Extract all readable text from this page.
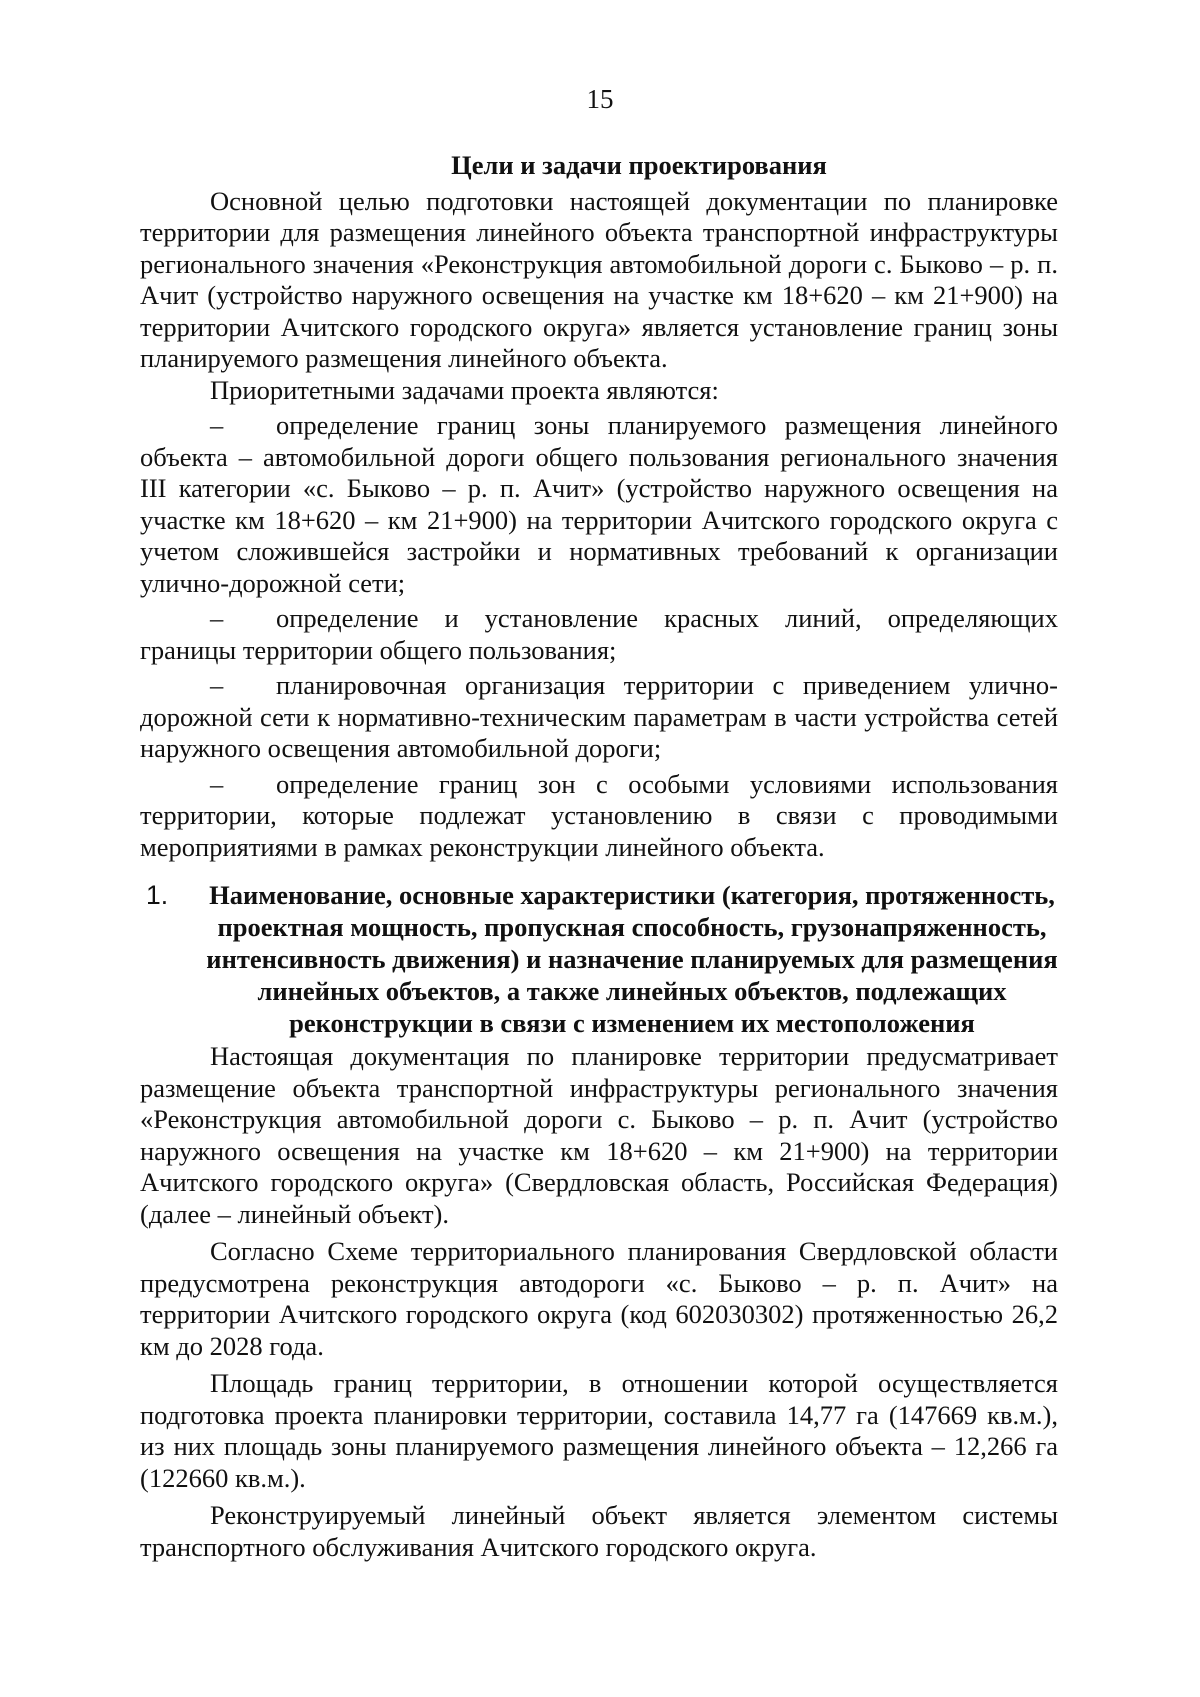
15
Цели и задачи проектирования

Основной целью подготовки настоящей документации по планировке территории для размещения линейного объекта транспортной инфраструктуры регионального значения «Реконструкция автомобильной дороги с. Быково – р. п. Ачит (устройство наружного освещения на участке км 18+620 – км 21+900) на территории Ачитского городского округа» является установление границ зоны планируемого размещения линейного объекта.

Приоритетными задачами проекта являются:

– определение границ зоны планируемого размещения линейного объекта – автомобильной дороги общего пользования регионального значения III категории «с. Быково – р. п. Ачит» (устройство наружного освещения на участке км 18+620 – км 21+900) на территории Ачитского городского округа с учетом сложившейся застройки и нормативных требований к организации улично-дорожной сети;
– определение и установление красных линий, определяющих границы территории общего пользования;
– планировочная организация территории с приведением улично-дорожной сети к нормативно-техническим параметрам в части устройства сетей наружного освещения автомобильной дороги;
– определение границ зон с особыми условиями использования территории, которые подлежат установлению в связи с проводимыми мероприятиями в рамках реконструкции линейного объекта.
1.	Наименование, основные характеристики (категория, протяженность, проектная мощность, пропускная способность, грузонапряженность, интенсивность движения) и назначение планируемых для размещения линейных объектов, а также линейных объектов, подлежащих реконструкции в связи с изменением их местоположения

Настоящая документация по планировке территории предусматривает размещение объекта транспортной инфраструктуры регионального значения «Реконструкция автомобильной дороги с. Быково – р. п. Ачит (устройство наружного освещения на участке км 18+620 – км 21+900) на территории Ачитского городского округа» (Свердловская область, Российская Федерация) (далее – линейный объект).

Согласно Схеме территориального планирования Свердловской области предусмотрена реконструкция автодороги «с. Быково – р. п. Ачит» на территории Ачитского городского округа (код 602030302) протяженностью 26,2 км до 2028 года.

Площадь границ территории, в отношении которой осуществляется подготовка проекта планировки территории, составила 14,77 га (147669 кв.м.), из них площадь зоны планируемого размещения линейного объекта – 12,266 га (122660 кв.м.).

Реконструируемый линейный объект является элементом системы транспортного обслуживания Ачитского городского округа.
